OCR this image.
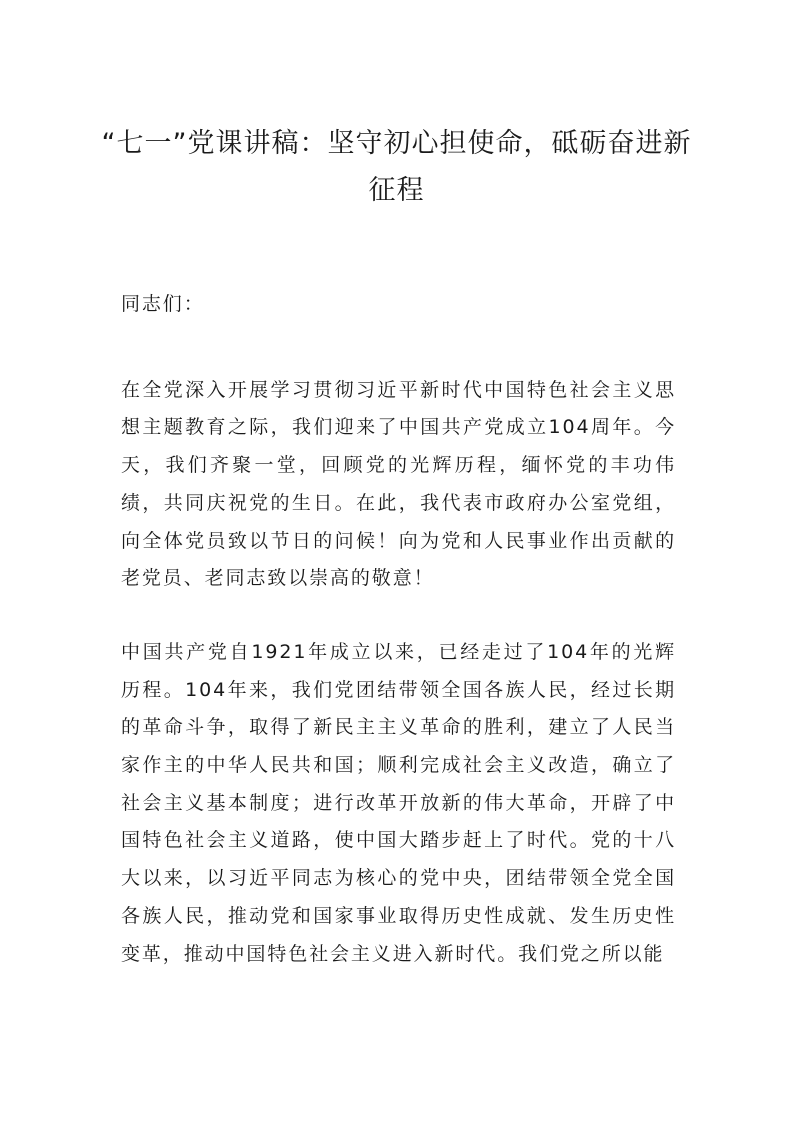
“七一”党课讲稿：坚守初心担使命，砥砺奋进新征程

同志们：

在全党深入开展学习贯彻习近平新时代中国特色社会主义思想主题教育之际，我们迎来了中国共产党成立104周年。今天，我们齐聚一堂，回顾党的光辉历程，缅怀党的丰功伟绩，共同庆祝党的生日。在此，我代表市政府办公室党组，向全体党员致以节日的问候！向为党和人民事业作出贡献的老党员、老同志致以崇高的敬意！

中国共产党自1921年成立以来，已经走过了104年的光辉历程。104年来，我们党团结带领全国各族人民，经过长期的革命斗争，取得了新民主主义革命的胜利，建立了人民当家作主的中华人民共和国；顺利完成社会主义改造，确立了社会主义基本制度；进行改革开放新的伟大革命，开辟了中国特色社会主义道路，使中国大踏步赶上了时代。党的十八大以来，以习近平同志为核心的党中央，团结带领全党全国各族人民，推动党和国家事业取得历史性成就、发生历史性变革，推动中国特色社会主义进入新时代。我们党之所以能
